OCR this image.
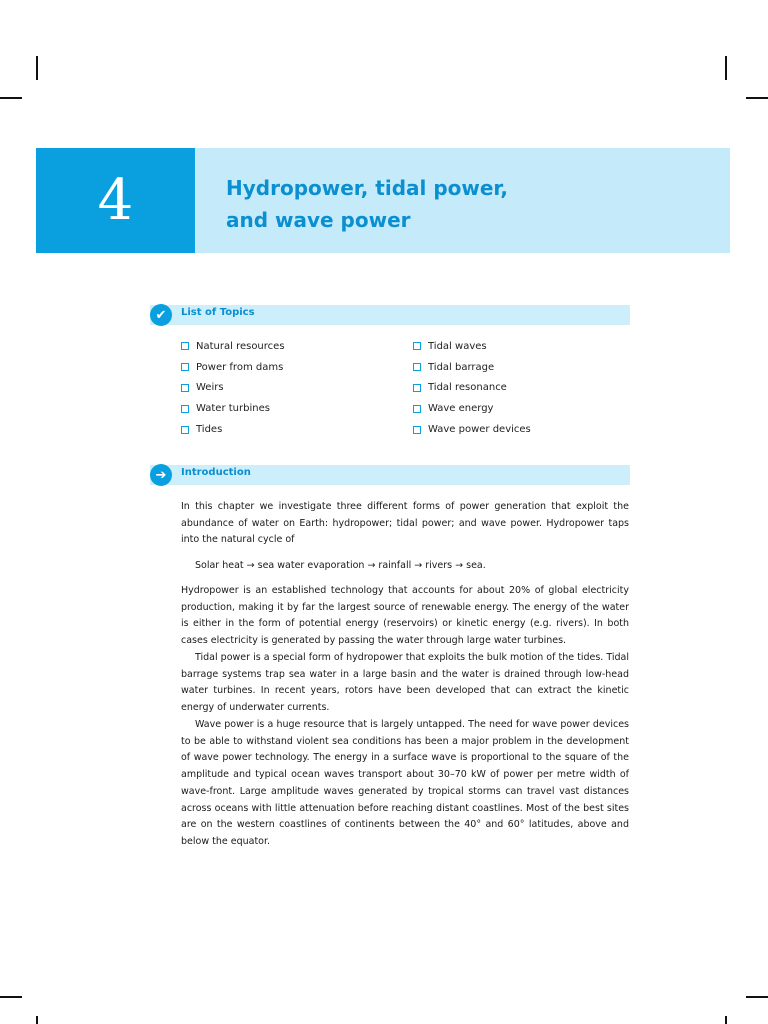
4	Hydropower, tidal power,
and wave power
✔	List of Topics
Natural resources
Power from dams
Weirs
Water turbines
Tides
Tidal waves
Tidal barrage
Tidal resonance
Wave energy
Wave power devices
➔	Introduction

In this chapter we investigate three different forms of power generation that exploit the abundance of water on Earth: hydropower; tidal power; and wave power. Hydropower taps into the natural cycle of

Solar heat → sea water evaporation → rainfall → rivers → sea.

Hydropower is an established technology that accounts for about 20% of global electricity production, making it by far the largest source of renewable energy. The energy of the water is either in the form of potential energy (reservoirs) or kinetic energy (e.g. rivers). In both cases electricity is generated by passing the water through large water turbines.

Tidal power is a special form of hydropower that exploits the bulk motion of the tides. Tidal barrage systems trap sea water in a large basin and the water is drained through low-head water turbines. In recent years, rotors have been developed that can extract the kinetic energy of underwater currents.

Wave power is a huge resource that is largely untapped. The need for wave power devices to be able to withstand violent sea conditions has been a major problem in the development of wave power technology. The energy in a surface wave is proportional to the square of the amplitude and typical ocean waves transport about 30–70 kW of power per metre width of wave-front. Large amplitude waves generated by tropical storms can travel vast distances across oceans with little attenuation before reaching distant coastlines. Most of the best sites are on the western coastlines of continents between the 40° and 60° latitudes, above and below the equator.
